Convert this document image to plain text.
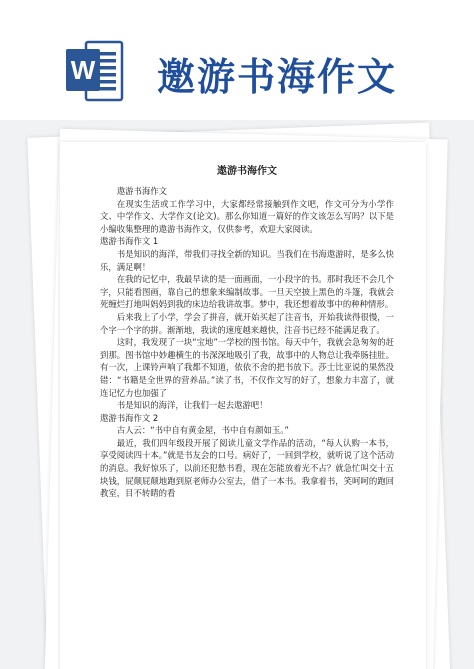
W 邀游书海作文
遨游书海作文

遨游书海作文

在现实生活或工作学习中，大家都经常接触到作文吧，作文可分为小学作文、中学作文、大学作文(论文)。那么你知道一篇好的作文该怎么写吗？以下是小编收集整理的遨游书海作文，仅供参考，欢迎大家阅读。

遨游书海作文 1

书是知识的海洋，带我们寻找全新的知识。当我们在书海遨游时，是多么快乐，满足啊！

在我的记忆中，我最早读的是一面画面，一小段字的书。那时我还不会几个字，只能看图画，靠自己的想象来编制故事。一旦天空披上黑色的斗篷，我就会死缠烂打地叫妈妈到我的床边给我讲故事。梦中，我还想着故事中的种种情形。

后来我上了小学，学会了拼音，就开始买起了注音书，开始我读得很慢，一个字一个字的拼。渐渐地，我读的速度越来越快，注音书已经不能满足我了。

这时，我发现了一块“宝地”一学校的图书馆。每天中午，我就会急匆匆的赶到那。图书馆中妙趣横生的书深深地吸引了我，故事中的人物总让我牵肠挂肚。有一次，上课铃声响了我都不知道，依依不舍的把书放下。莎士比亚说的果然没错：“书籍是全世界的营养品。”读了书，不仅作文写的好了，想象力丰富了，就连记忆力也加强了

书是知识的海洋，让我们一起去遨游吧！

遨游书海作文 2

古人云：“书中自有黄金屋，书中自有颜如玉。”

最近，我们四年级段开展了阅读儿童文学作品的活动，“每人认购一本书，享受阅读四十本。”就是书友会的口号。病好了，一回到学校，就听说了这个活动的消息。我好惊乐了，以前还犯愁书看，现在怎能放着光不占？就急忙叫交十五块钱，屁颠屁颠地跑到原老师办公室去，借了一本书。我拿着书，笑呵呵的跑回教室，目不转睛的看
